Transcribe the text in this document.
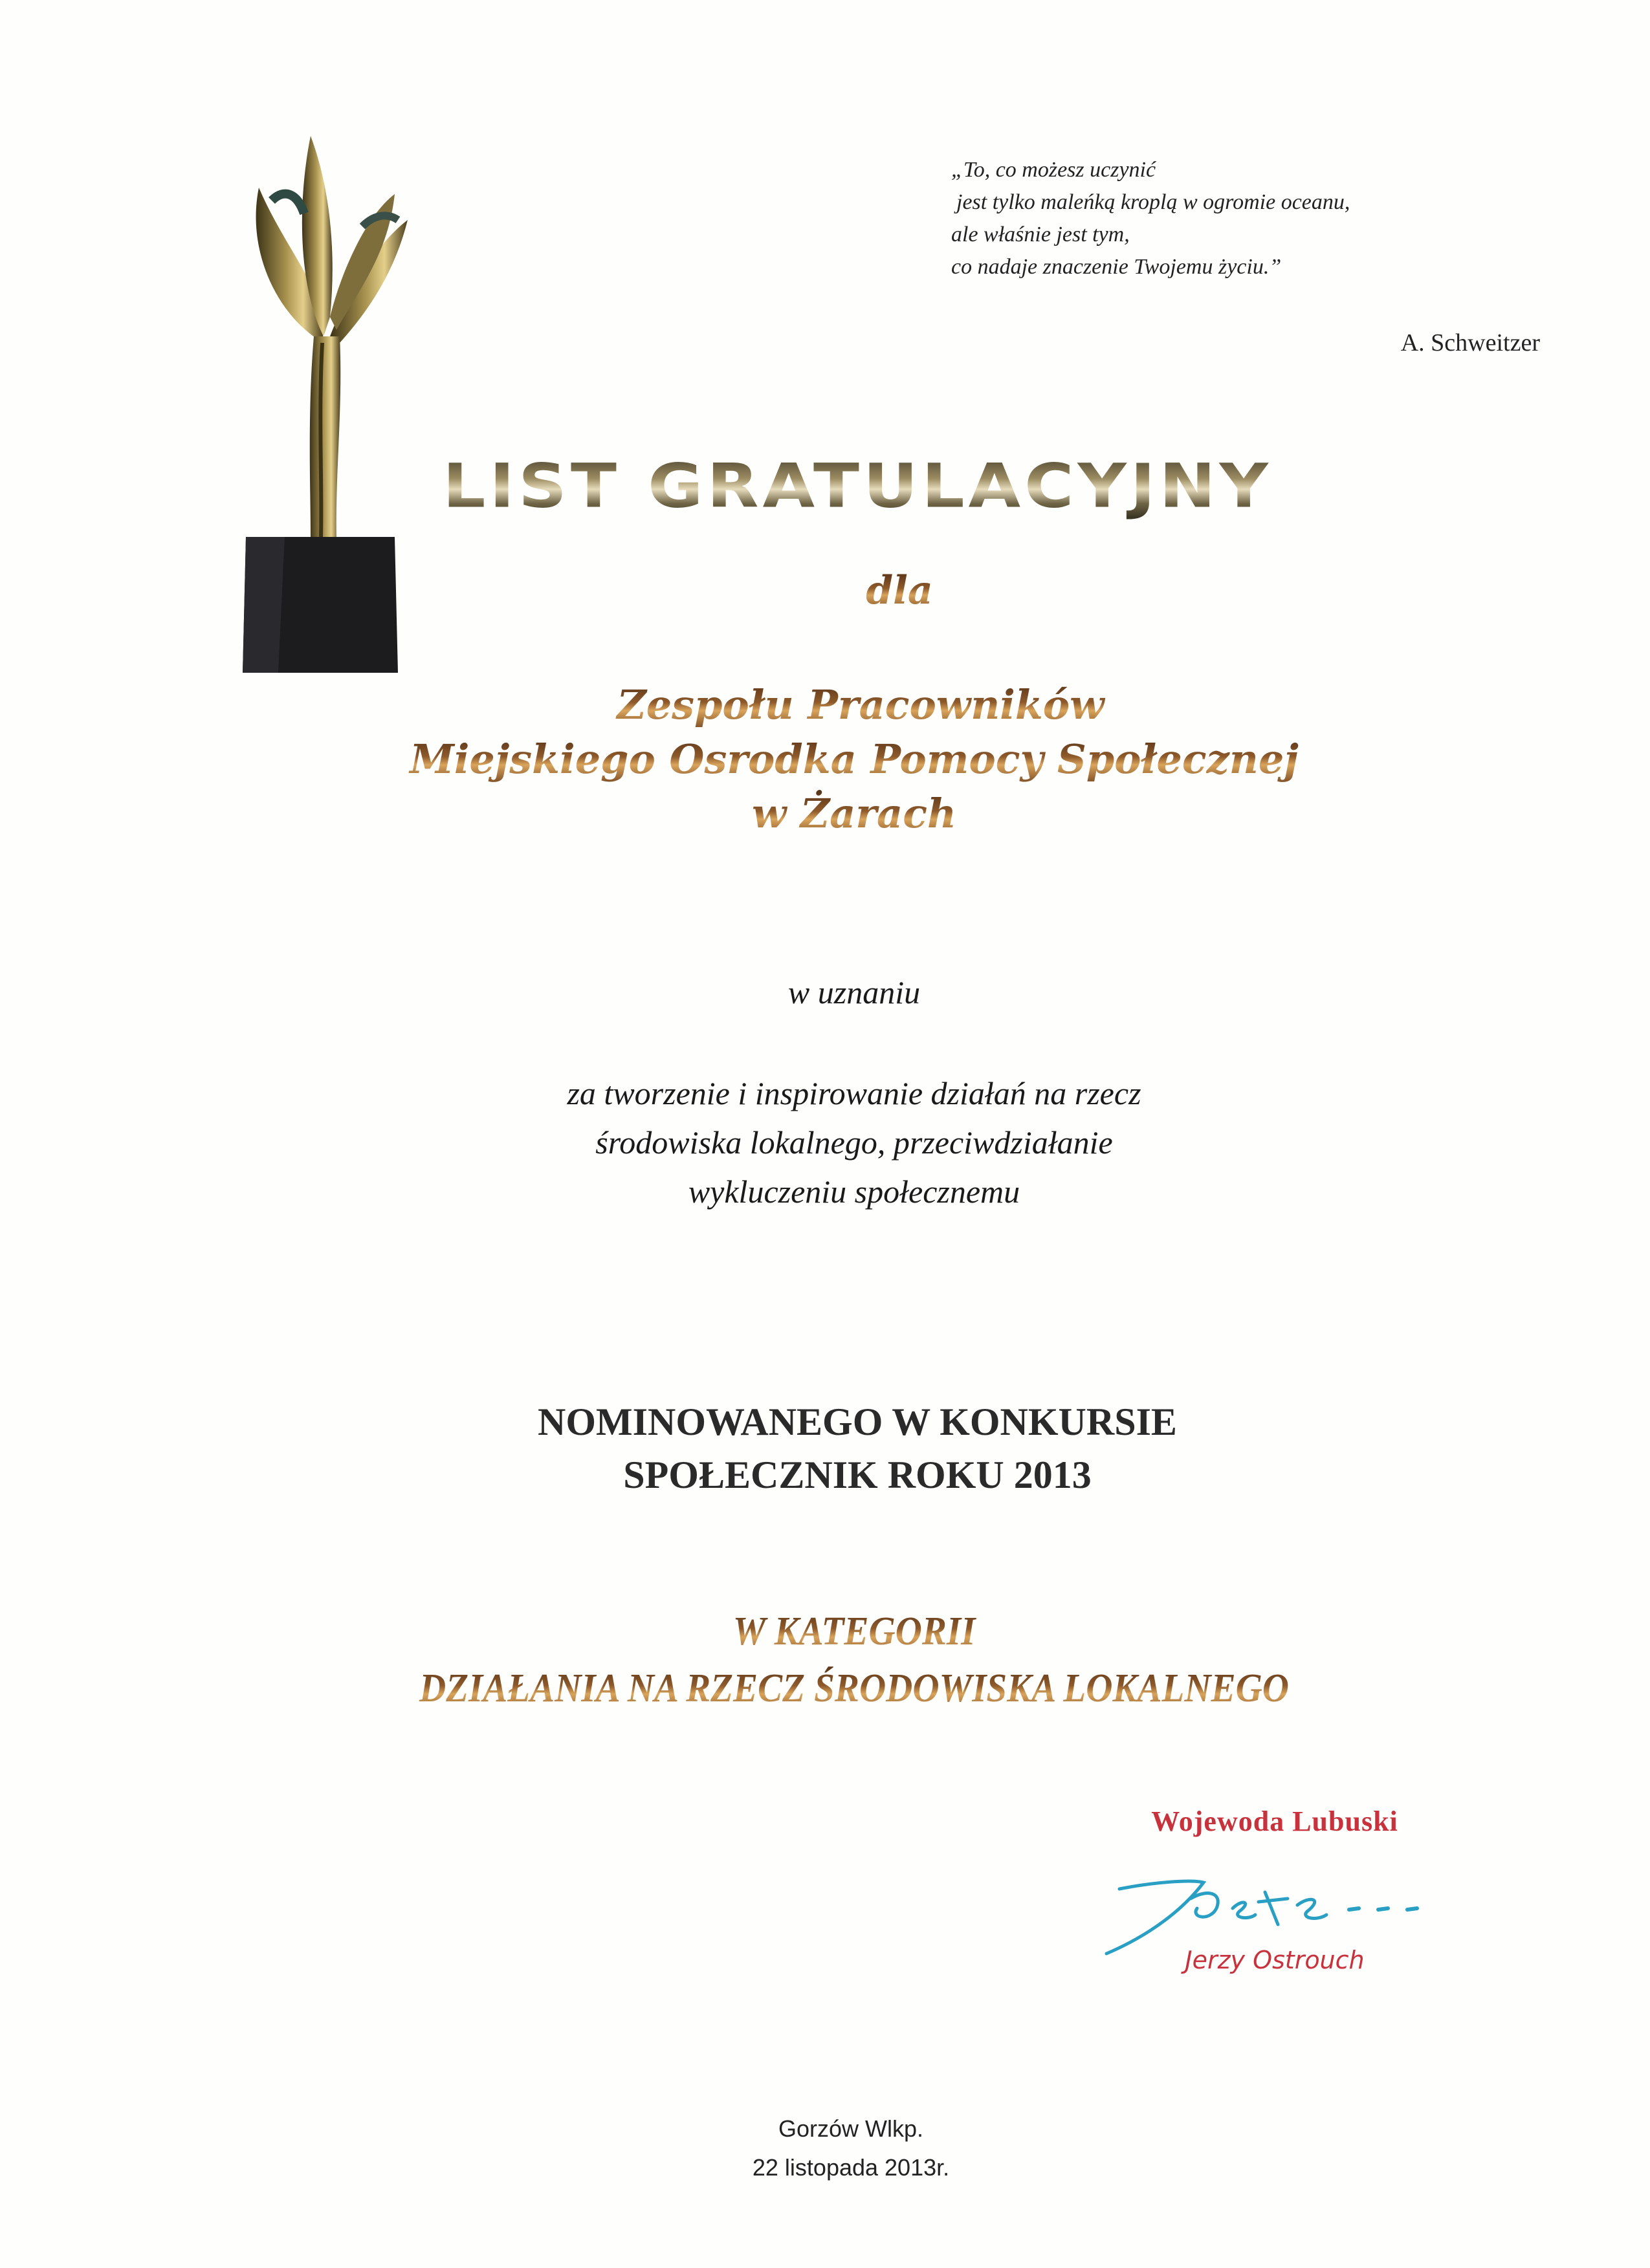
„To, co możesz uczynić
jest tylko maleńką kroplą w ogromie oceanu,
ale właśnie jest tym,
co nadaje znaczenie Twojemu życiu.”
A. Schweitzer
LIST GRATULACYJNY
dla
Zespołu Pracowników
Miejskiego Osrodka Pomocy Społecznej
w Żarach
w uznaniu
za tworzenie i inspirowanie działań na rzecz
środowiska lokalnego, przeciwdziałanie
wykluczeniu społecznemu
NOMINOWANEGO W KONKURSIE
SPOŁECZNIK ROKU 2013
W KATEGORII
DZIAŁANIA NA RZECZ ŚRODOWISKA LOKALNEGO
Wojewoda Lubuski
Jerzy Ostrouch
Gorzów Wlkp.
22 listopada 2013r.
